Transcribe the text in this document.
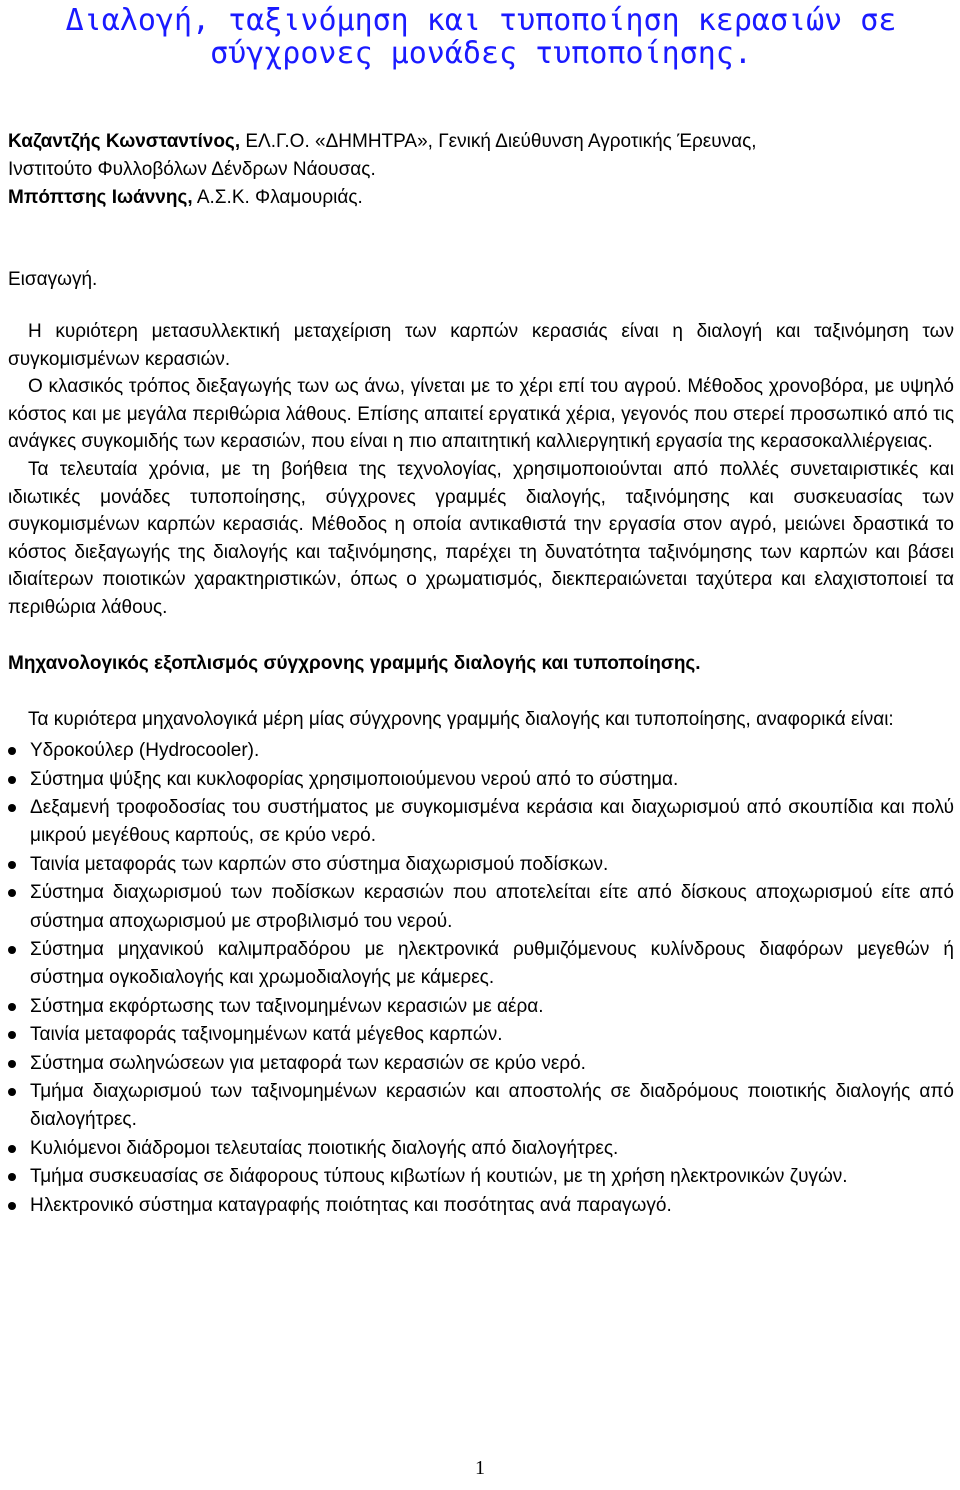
Διαλογή, ταξινόμηση και τυποποίηση κερασιών σε σύγχρονες μονάδες τυποποίησης.
Καζαντζής Κωνσταντίνος, ΕΛ.Γ.Ο. «ΔΗΜΗΤΡΑ», Γενική Διεύθυνση Αγροτικής Έρευνας,
Ινστιτούτο Φυλλοβόλων Δένδρων Νάουσας.
Μπόπτσης Ιωάννης, Α.Σ.Κ. Φλαμουριάς.
Εισαγωγή.

Η κυριότερη μετασυλλεκτική μεταχείριση των καρπών κερασιάς είναι η διαλογή και ταξινόμηση των συγκομισμένων κερασιών.

Ο κλασικός τρόπος διεξαγωγής των ως άνω, γίνεται με το χέρι επί του αγρού. Μέθοδος χρονοβόρα, με υψηλό κόστος και με μεγάλα περιθώρια λάθους. Επίσης απαιτεί εργατικά χέρια, γεγονός που στερεί προσωπικό από τις ανάγκες συγκομιδής των κερασιών, που είναι η πιο απαιτητική καλλιεργητική εργασία της κερασοκαλλιέργειας.

Τα τελευταία χρόνια, με τη βοήθεια της τεχνολογίας, χρησιμοποιούνται από πολλές συνεταιριστικές και ιδιωτικές μονάδες τυποποίησης, σύγχρονες γραμμές διαλογής, ταξινόμησης και συσκευασίας των συγκομισμένων καρπών κερασιάς. Μέθοδος η οποία αντικαθιστά την εργασία στον αγρό, μειώνει δραστικά το κόστος διεξαγωγής της διαλογής και ταξινόμησης, παρέχει τη δυνατότητα ταξινόμησης των καρπών και βάσει ιδιαίτερων ποιοτικών χαρακτηριστικών, όπως ο χρωματισμός, διεκπεραιώνεται ταχύτερα και ελαχιστοποιεί τα περιθώρια λάθους.

Μηχανολογικός εξοπλισμός σύγχρονης γραμμής διαλογής και τυποποίησης.

Τα κυριότερα μηχανολογικά μέρη μίας σύγχρονης γραμμής διαλογής και τυποποίησης, αναφορικά είναι:

Υδροκούλερ (Hydrocooler).
Σύστημα ψύξης και κυκλοφορίας χρησιμοποιούμενου νερού από το σύστημα.
Δεξαμενή τροφοδοσίας του συστήματος με συγκομισμένα κεράσια και διαχωρισμού από σκουπίδια και πολύ μικρού μεγέθους καρπούς, σε κρύο νερό.
Ταινία μεταφοράς των καρπών στο σύστημα διαχωρισμού ποδίσκων.
Σύστημα διαχωρισμού των ποδίσκων κερασιών που αποτελείται είτε από δίσκους αποχωρισμού είτε από σύστημα αποχωρισμού με στροβιλισμό του νερού.
Σύστημα μηχανικού καλιμπραδόρου με ηλεκτρονικά ρυθμιζόμενους κυλίνδρους διαφόρων μεγεθών ή σύστημα ογκοδιαλογής και χρωμοδιαλογής με κάμερες.
Σύστημα εκφόρτωσης των ταξινομημένων κερασιών με αέρα.
Ταινία μεταφοράς ταξινομημένων κατά μέγεθος καρπών.
Σύστημα σωληνώσεων για μεταφορά των κερασιών σε κρύο νερό.
Τμήμα διαχωρισμού των ταξινομημένων κερασιών και αποστολής σε διαδρόμους ποιοτικής διαλογής από διαλογήτρες.
Κυλιόμενοι διάδρομοι τελευταίας ποιοτικής διαλογής από διαλογήτρες.
Τμήμα συσκευασίας σε διάφορους τύπους κιβωτίων ή κουτιών, με τη χρήση ηλεκτρονικών ζυγών.
Ηλεκτρονικό σύστημα καταγραφής ποιότητας και ποσότητας ανά παραγωγό.
1
